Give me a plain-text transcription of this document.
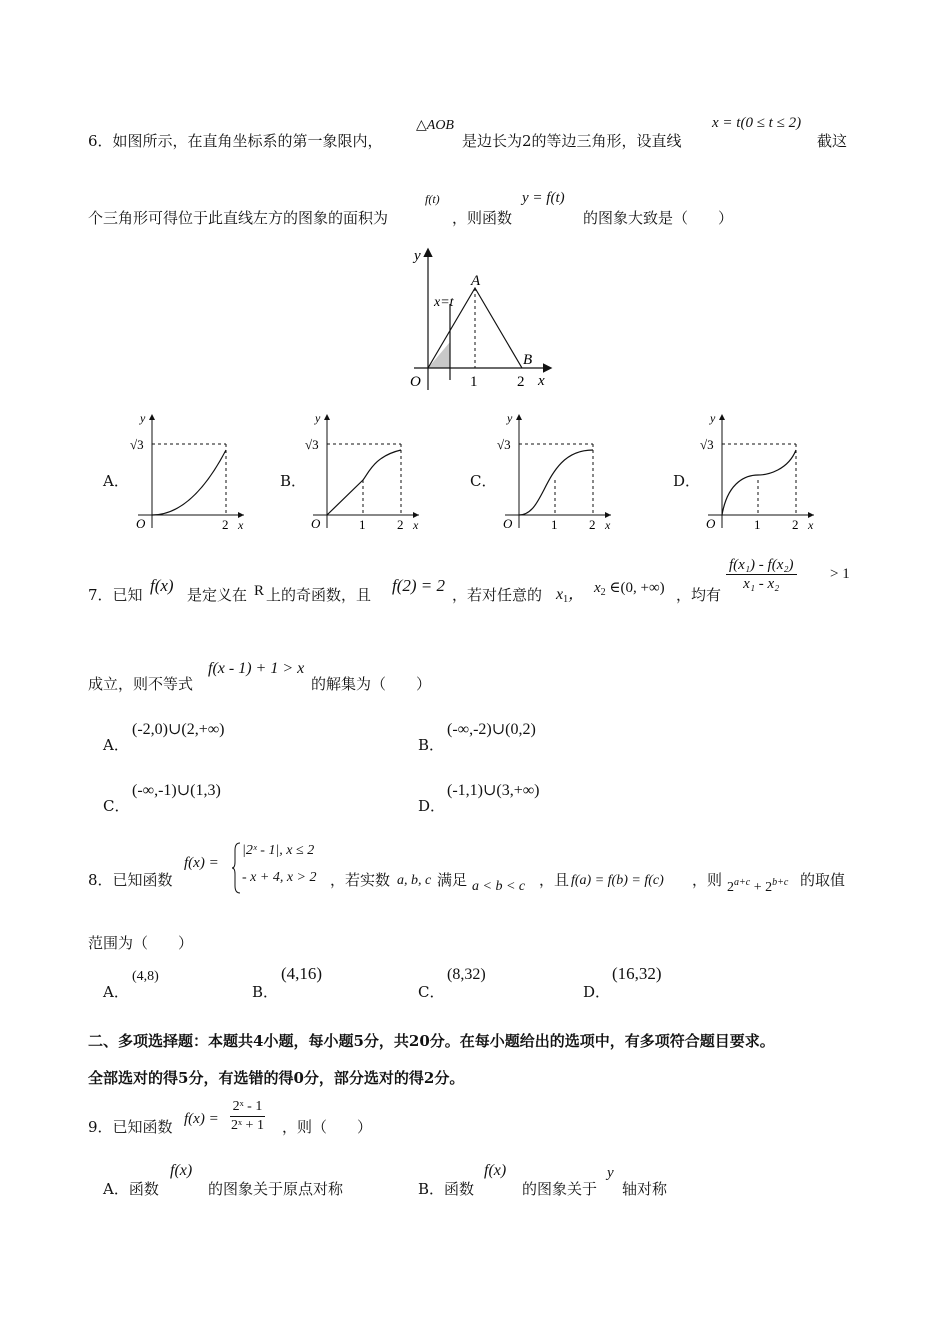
6．如图所示，在直角坐标系的第一象限内，
△AOB
是边长为2的等边三角形，设直线
x = t(0 ≤ t ≤ 2)
截这
个三角形可得位于此直线左方的图象的面积为
f(t)
，则函数
y = f(t)
的图象大致是（　　）
y
x
A
B
O	1	2
x=t
A．
y
x
O	2
√3
B．
y
x
O	2
1
√3
C．
y
x
O	2
1
√3
D．
y
x
O	2
1
√3
7．已知 f(x) 是定义在 R 上的奇函数，且 f(2) = 2 ，若对任意的 $x_1$， $x_2$ ∈(0, +∞) ，均有
$\frac{\text{f(x₁) - f(x₂)}}{\text{x₁ - x₂}} > 1$
成立，则不等式
f(x - 1) + 1 > x
的解集为（　　）
A．
(-2,0)∪(2,+∞)
B．
(-∞,-2)∪(0,2)
C．
(-∞,-1)∪(1,3)
D．
(-1,1)∪(3,+∞)
8．已知函数
f(x) =
|2ˣ - 1|, x ≤ 2
- x + 4, x > 2 ，若实数 a, b, c 满足 a < b < c ，且 f(a) = f(b) = f(c) ，则 $2^{a+c} + 2^{b+c}$ 的取值
范围为（　　）
A．
(4,8)
B．
(4,16)
C．
(8,32)
D．
(16,32)
二、多项选择题：本题共4小题，每小题5分，共20分。在每小题给出的选项中，有多项符合题目要求。
全部选对的得5分，有选错的得0分，部分选对的得2分。
9．已知函数 $f(x) = \frac{\text{2ˣ - 1}}{\text{2ˣ + 1}}$ ，则（　　）
A．函数
f(x)
的图象关于原点对称	B．函数
f(x)
的图象关于
y
轴对称
